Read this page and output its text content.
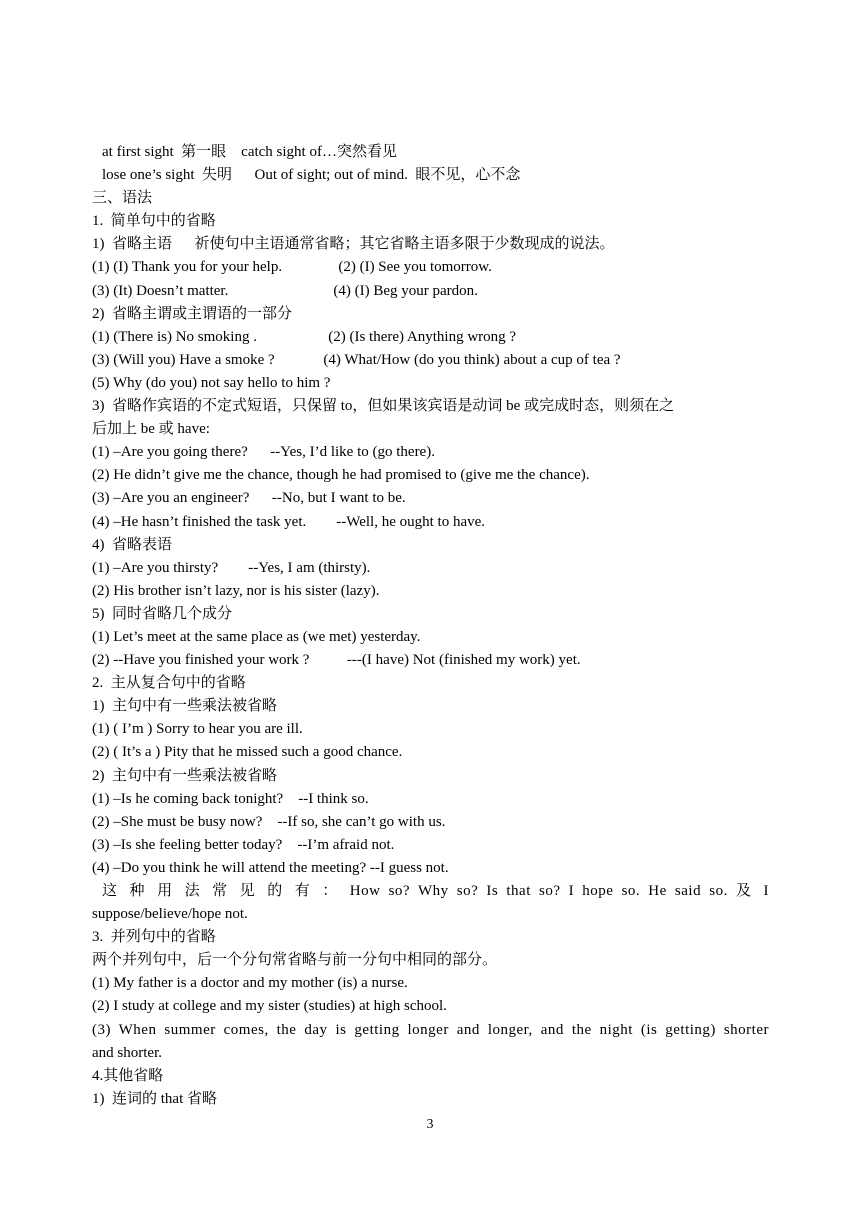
at first sight  第一眼    catch sight of…突然看见
lose one’s sight  失明      Out of sight; out of mind.  眼不见，心不念
三、语法
1.  简单句中的省略
1)  省略主语      祈使句中主语通常省略；其它省略主语多限于少数现成的说法。
(1) (I) Thank you for your help.               (2) (I) See you tomorrow.
(3) (It) Doesn’t matter.                            (4) (I) Beg your pardon.
2)  省略主谓或主谓语的一部分
(1) (There is) No smoking .                   (2) (Is there) Anything wrong ?
(3) (Will you) Have a smoke ?             (4) What/How (do you think) about a cup of tea ?
(5) Why (do you) not say hello to him ?
3)  省略作宾语的不定式短语，只保留 to，但如果该宾语是动词 be 或完成时态，则须在之
后加上 be 或 have:
(1) –Are you going there?      --Yes, I’d like to (go there).
(2) He didn’t give me the chance, though he had promised to (give me the chance).
(3) –Are you an engineer?      --No, but I want to be.
(4) –He hasn’t finished the task yet.        --Well, he ought to have.
4)  省略表语
(1) –Are you thirsty?        --Yes, I am (thirsty).
(2) His brother isn’t lazy, nor is his sister (lazy).
5)  同时省略几个成分
(1) Let’s meet at the same place as (we met) yesterday.
(2) --Have you finished your work ?          ---(I have) Not (finished my work) yet.
2.  主从复合句中的省略
1)  主句中有一些乘法被省略
(1) ( I’m ) Sorry to hear you are ill.
(2) ( It’s a ) Pity that he missed such a good chance.
2)  主句中有一些乘法被省略
(1) –Is he coming back tonight?    --I think so.
(2) –She must be busy now?    --If so, she can’t go with us.
(3) –Is she feeling better today?    --I’m afraid not.
(4) –Do you think he will attend the meeting? --I guess not.
这 种 用 法 常 见 的 有 ： How so? Why so? Is that so? I hope so. He said so. 及 I
suppose/believe/hope not.
3.  并列句中的省略
两个并列句中，后一个分句常省略与前一分句中相同的部分。
(1) My father is a doctor and my mother (is) a nurse.
(2) I study at college and my sister (studies) at high school.
(3) When summer comes, the day is getting longer and longer, and the night (is getting) shorter
and shorter.
4.其他省略
1)  连词的 that 省略
3
